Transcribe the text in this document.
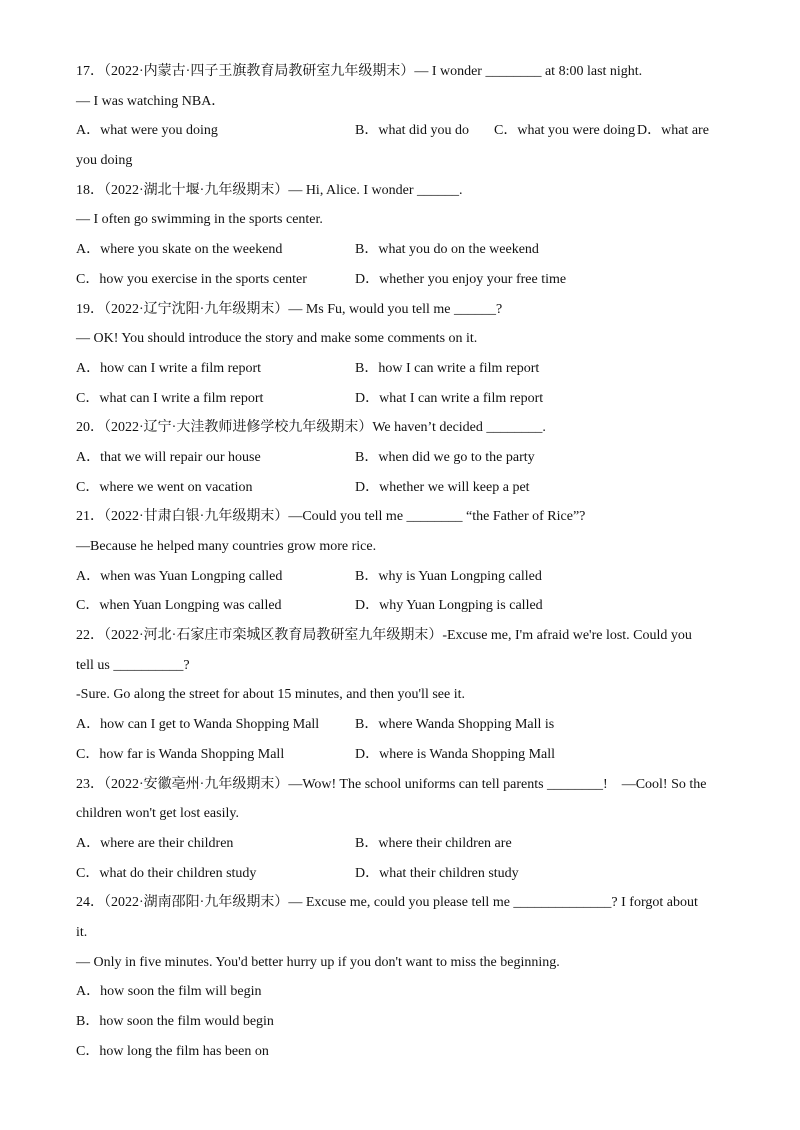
17．（2022·内蒙古·四子王旗教育局教研室九年级期末）— I wonder ________ at 8:00 last night.
— I was watching NBA．
A．what were you doing	B．what did you do	C．what you were doing D．what are
you doing
18．（2022·湖北十堰·九年级期末）— Hi, Alice. I wonder ______.
— I often go swimming in the sports center.
A．where you skate on the weekend	B．what you do on the weekend
C．how you exercise in the sports center	D．whether you enjoy your free time
19．（2022·辽宁沈阳·九年级期末）— Ms Fu, would you tell me ______?
— OK! You should introduce the story and make some comments on it.
A．how can I write a film report	B．how I can write a film report
C．what can I write a film report	D．what I can write a film report
20．（2022·辽宁·大洼教师进修学校九年级期末）We haven’t decided ________.
A．that we will repair our house	B．when did we go to the party
C．where we went on vacation	D．whether we will keep a pet
21．（2022·甘肃白银·九年级期末）—Could you tell me ________ “the Father of Rice”?
—Because he helped many countries grow more rice.
A．when was Yuan Longping called	B．why is Yuan Longping called
C．when Yuan Longping was called	D．why Yuan Longping is called
22．（2022·河北·石家庄市栾城区教育局教研室九年级期末）-Excuse me, I'm afraid we're lost. Could you
tell us __________?
-Sure. Go along the street for about 15 minutes, and then you'll see it.
A．how can I get to Wanda Shopping Mall	B．where Wanda Shopping Mall is
C．how far is Wanda Shopping Mall	D．where is Wanda Shopping Mall
23．（2022·安徽亳州·九年级期末）—Wow! The school uniforms can tell parents ________!　—Cool! So the
children won't get lost easily.
A．where are their children	B．where their children are
C．what do their children study	D．what their children study
24．（2022·湖南邵阳·九年级期末）— Excuse me, could you please tell me ______________? I forgot about
it.
— Only in five minutes. You'd better hurry up if you don't want to miss the beginning.
A．how soon the film will begin
B．how soon the film would begin
C．how long the film has been on
